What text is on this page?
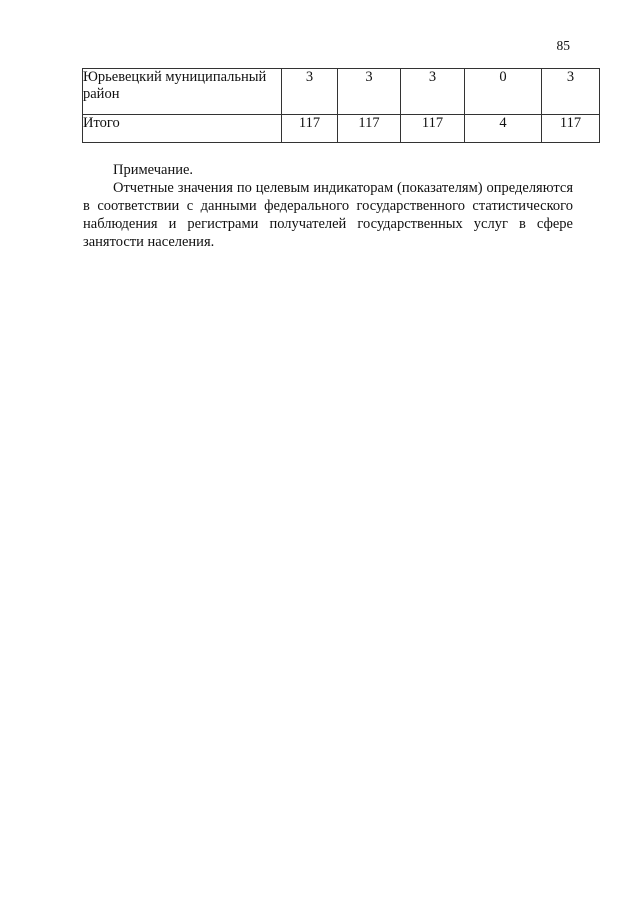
85
Юрьевецкий муниципальный район	3	3	3	0	3
Итого	117	117	117	4	117
Примечание.

Отчетные значения по целевым индикаторам (показателям) определяются в соответствии с данными федерального государственного статистического наблюдения и регистрами получателей государственных услуг в сфере занятости населения.
